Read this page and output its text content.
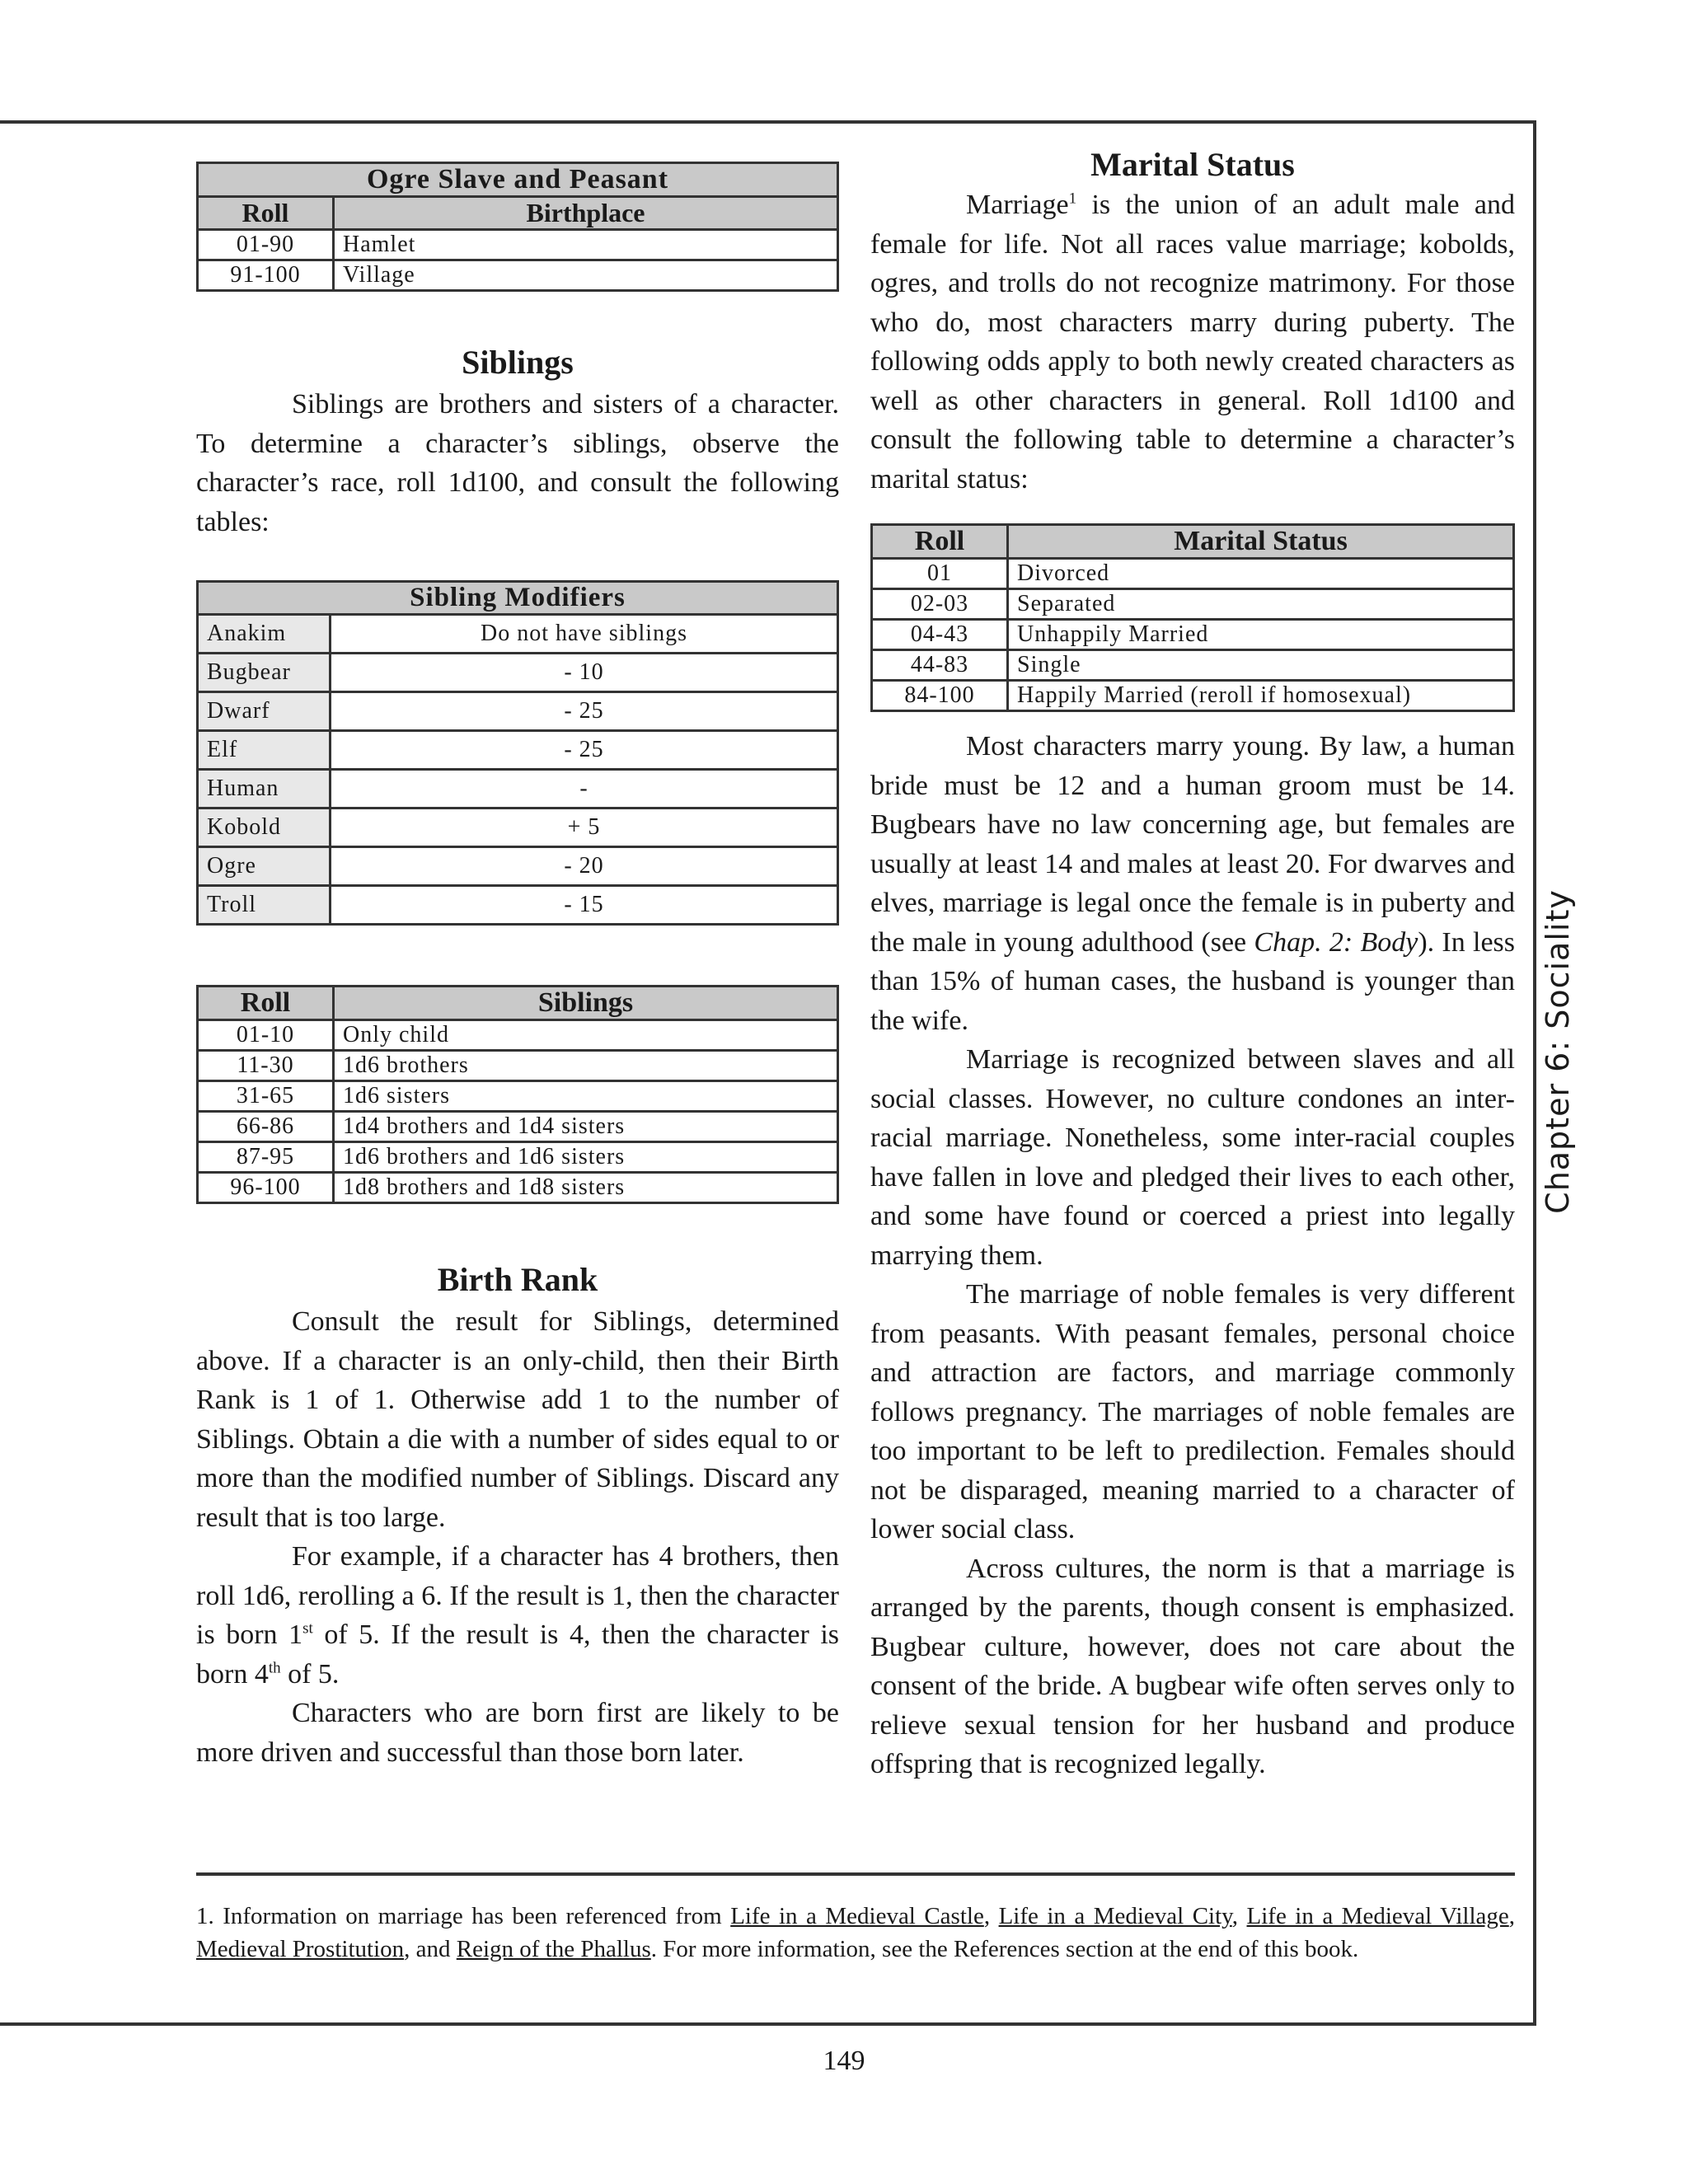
Ogre Slave and Peasant	
Roll	Birthplace
01-90	Hamlet
91-100	Village
Siblings

Siblings are brothers and sisters of a character. To determine a character’s siblings, observe the character’s race, roll 1d100, and consult the following tables:

Sibling Modifiers	
Anakim	Do not have siblings
Bugbear	- 10
Dwarf	- 25
Elf	- 25
Human	-
Kobold	+ 5
Ogre	- 20
Troll	- 15
Roll	Siblings
01-10	Only child
11-30	1d6 brothers
31-65	1d6 sisters
66-86	1d4 brothers and 1d4 sisters
87-95	1d6 brothers and 1d6 sisters
96-100	1d8 brothers and 1d8 sisters
Birth Rank

Consult the result for Siblings, determined above. If a character is an only-child, then their Birth Rank is 1 of 1. Otherwise add 1 to the number of Siblings. Obtain a die with a number of sides equal to or more than the modified number of Siblings. Discard any result that is too large.

For example, if a character has 4 brothers, then roll 1d6, rerolling a 6. If the result is 1, then the character is born 1st of 5. If the result is 4, then the character is born 4th of 5.

Characters who are born first are likely to be more driven and successful than those born later.

Marital Status

Marriage$^1$ is the union of an adult male and female for life. Not all races value marriage; kobolds, ogres, and trolls do not recognize matrimony. For those who do, most characters marry during puberty. The following odds apply to both newly created characters as well as other characters in general. Roll 1d100 and consult the following table to determine a character’s marital status:

Roll	Marital Status
01	Divorced
02-03	Separated
04-43	Unhappily Married
44-83	Single
84-100	Happily Married (reroll if homosexual)

Most characters marry young. By law, a human bride must be 12 and a human groom must be 14. Bugbears have no law concerning age, but females are usually at least 14 and males at least 20. For dwarves and elves, marriage is legal once the female is in puberty and the male in young adulthood (see Chap. 2: Body). In less than 15% of human cases, the husband is younger than the wife.

Marriage is recognized between slaves and all social classes. However, no culture condones an inter-racial marriage. Nonetheless, some inter-racial couples have fallen in love and pledged their lives to each other, and some have found or coerced a priest into legally marrying them.

The marriage of noble females is very different from peasants. With peasant females, personal choice and attraction are factors, and marriage commonly follows pregnancy. The marriages of noble females are too important to be left to predilection. Females should not be disparaged, meaning married to a character of lower social class.

Across cultures, the norm is that a marriage is arranged by the parents, though consent is emphasized. Bugbear culture, however, does not care about the consent of the bride. A bugbear wife often serves only to relieve sexual tension for her husband and produce offspring that is recognized legally.

Chapter 6: Sociality
1. Information on marriage has been referenced from Life in a Medieval Castle, Life in a Medieval City, Life in a Medieval Village, Medieval Prostitution, and Reign of the Phallus. For more information, see the References section at the end of this book.
149
